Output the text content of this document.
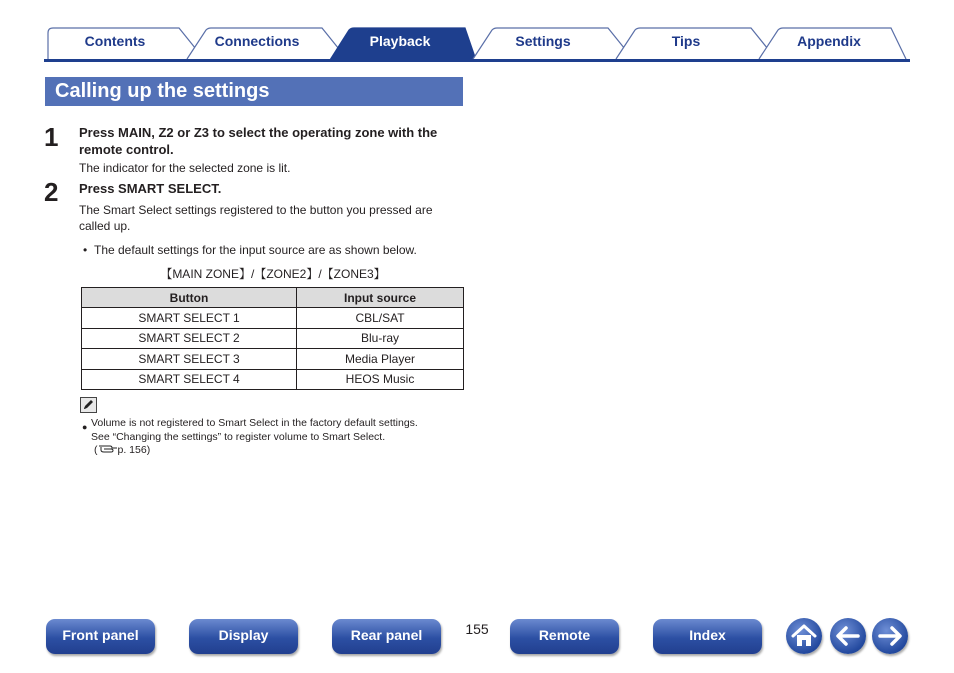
Contents	Connections	Playback	Settings	Tips	Appendix
Calling up the settings
1 Press MAIN, Z2 or Z3 to select the operating zone with the remote control.
The indicator for the selected zone is lit.
2 Press SMART SELECT.
The Smart Select settings registered to the button you pressed are called up.
• The default settings for the input source are as shown below.
【MAIN ZONE】/【ZONE2】/【ZONE3】
Button	Input source
SMART SELECT 1	CBL/SAT
SMART SELECT 2	Blu-ray
SMART SELECT 3	Media Player
SMART SELECT 4	HEOS Music
● Volume is not registered to Smart Select in the factory default settings.
See “Changing the settings” to register volume to Smart Select.
( p. 156)
Front panel	Display	Rear panel	155	Remote	Index
